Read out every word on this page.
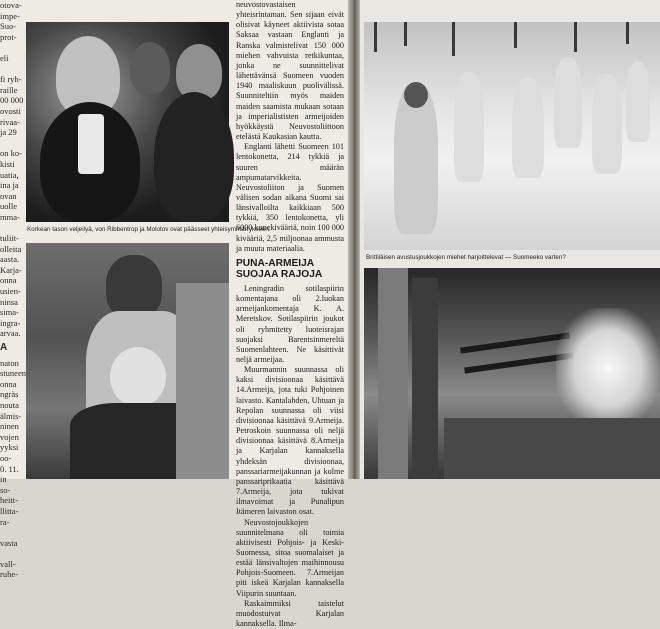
otova-
impe-
Suo-
prot-

eli

fi ryh-
raille
00 000
ovosti
rivaa-
ja 29

on ko-
kisti
uatia,
ina ja
ovan
uolle
mma-

tuliit-
olleita
aasta.
Karja-
onna
usien-
ninsa
sima-
ingra-
arvaa.
A
naton
stuneen
onna
ngräs
nouta
älmis-
ninen
vojen
yyksi
oo-
0. 11.
in
so-
heitt-
llitta-
ra-

vasta

vall-
ruhe-
Korkean tason veljeilyä, von Ribbentrop ja Molotov ovat päässeet yhteisymmärrykseen.

neuvostovastaisen yhteisrintaman. Sen sijaan eivät olisivat käyneet aktiivista sotaa Saksaa vastaan Englanti ja Ranska valmistelivat 150 000 miehen vahvuista retkikuntaa, jonka ne suunnittelivat lähettävänsä Suomeen vuoden 1940 maaliskuun puolivälissä. Suunniteltiin myös maiden maiden saamista mukaan sotaan ja imperialististen armeijoiden hyökkäystä Neuvostoliittoon etelästä Kaukasian kautta.

Englanti lähetti Suomeen 101 lentokonetta, 214 tykkiä ja suuren määrän ampumatarvikkeita. Neuvostoliiton ja Suomen välisen sodan aikana Suomi sai länsivalloilta kaikkiaan 500 tykkiä, 350 lentokonetta, yli 6000 konekivääriä, noin 100 000 kivääriä, 2,5 miljoonaa ammusta ja muuta materiaalia.

PUNA-ARMEIJA SUOJAA RAJOJA

Leningradin sotilaspiirin komentajana oli 2.luokan armeijankomentaja K. A. Meretskov. Sotilaspiirin joukot oli ryhmitetty luoteisrajan suojaksi Barentsinmereltä Suomenlahteen. Ne käsittivät neljä armeijaa.

Muurmannin suunnassa oli kaksi divisioonaa käsittävä 14.Armeija, jota tuki Pohjoinen laivasto. Kantalahden, Uhtuan ja Repolan suunnassa oli viisi divisioonaa käsittävä 9.Armeija. Petroskoin suunnassa oli neljä divisioonaa käsittävä 8.Armeija ja Karjalan kannaksella yhdeksän divisioonaa, panssariarmeijakunnan ja kolme panssariprikaatia käsittävä 7.Armeija, jota tukivat ilmavoimat ja Punalipun Itämeren laivaston osat.

Neuvostojoukkojen suunnitelmana oli toimia aktiivisesti Pohjois- ja Keski-Suomessa, sitoa suomalaiset ja estää länsivaltojen maihinnousu Pohjois-Suomeen. 7.Armeijan piti iskeä Karjalan kannaksella Viipurin suuntaan.

Raskaimmiksi taistelut muodostuivat Karjalan kannaksella. Ilma-

Brittiläisen avustusjoukkojen miehet harjoittelevat — Suomeeko varten?
